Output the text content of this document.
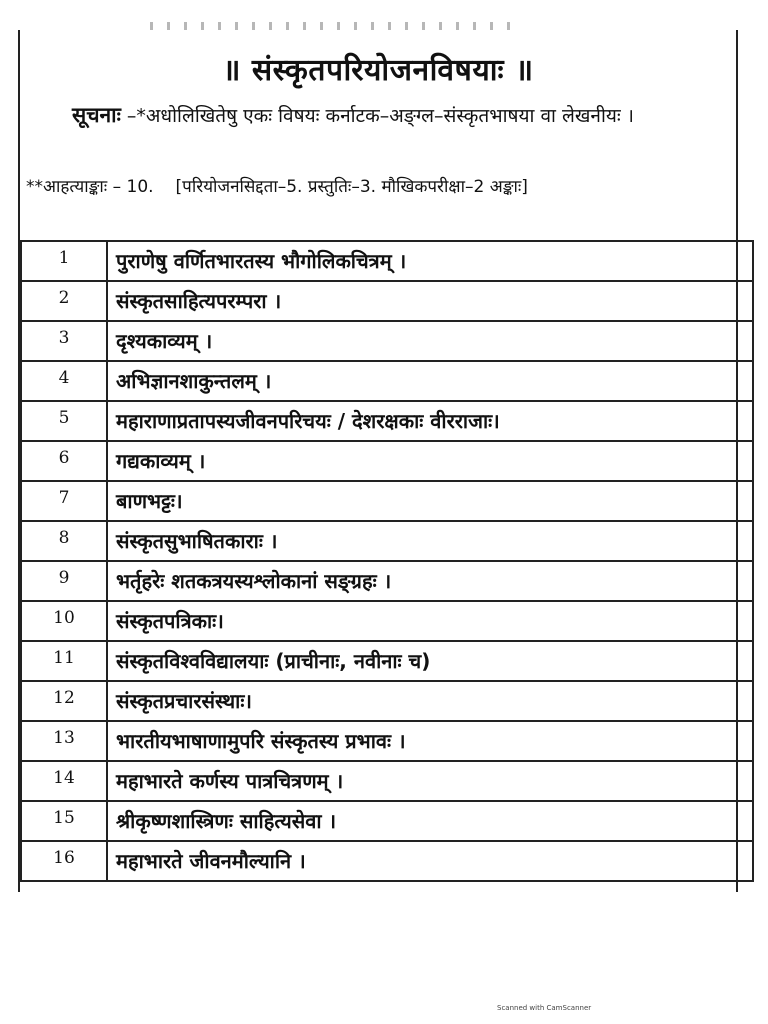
॥ संस्कृतपरियोजनविषयाः ॥
सूचनाः –*अधोलिखितेषु एकः विषयः कर्नाटक–अङ्ग्ल–संस्कृतभाषया वा लेखनीयः ।
**आहत्याङ्काः – 10. [परियोजनसिद्दता–5. प्रस्तुतिः–3. मौखिकपरीक्षा–2 अङ्काः]
1	पुराणेषु वर्णितभारतस्य भौगोलिकचित्रम् ।
2	संस्कृतसाहित्यपरम्परा ।
3	दृश्यकाव्यम् ।
4	अभिज्ञानशाकुन्तलम् ।
5	महाराणाप्रतापस्यजीवनपरिचयः / देशरक्षकाः वीरराजाः।
6	गद्यकाव्यम् ।
7	बाणभट्टः।
8	संस्कृतसुभाषितकाराः ।
9	भर्तृहरेः शतकत्रयस्यश्लोकानां सङ्ग्रहः ।
10	संस्कृतपत्रिकाः।
11	संस्कृतविश्वविद्यालयाः (प्राचीनाः, नवीनाः च)
12	संस्कृतप्रचारसंस्थाः।
13	भारतीयभाषाणामुपरि संस्कृतस्य प्रभावः ।
14	महाभारते कर्णस्य पात्रचित्रणम् ।
15	श्रीकृष्णशास्त्रिणः साहित्यसेवा ।
16	महाभारते जीवनमौल्यानि ।
Scanned with CamScanner
